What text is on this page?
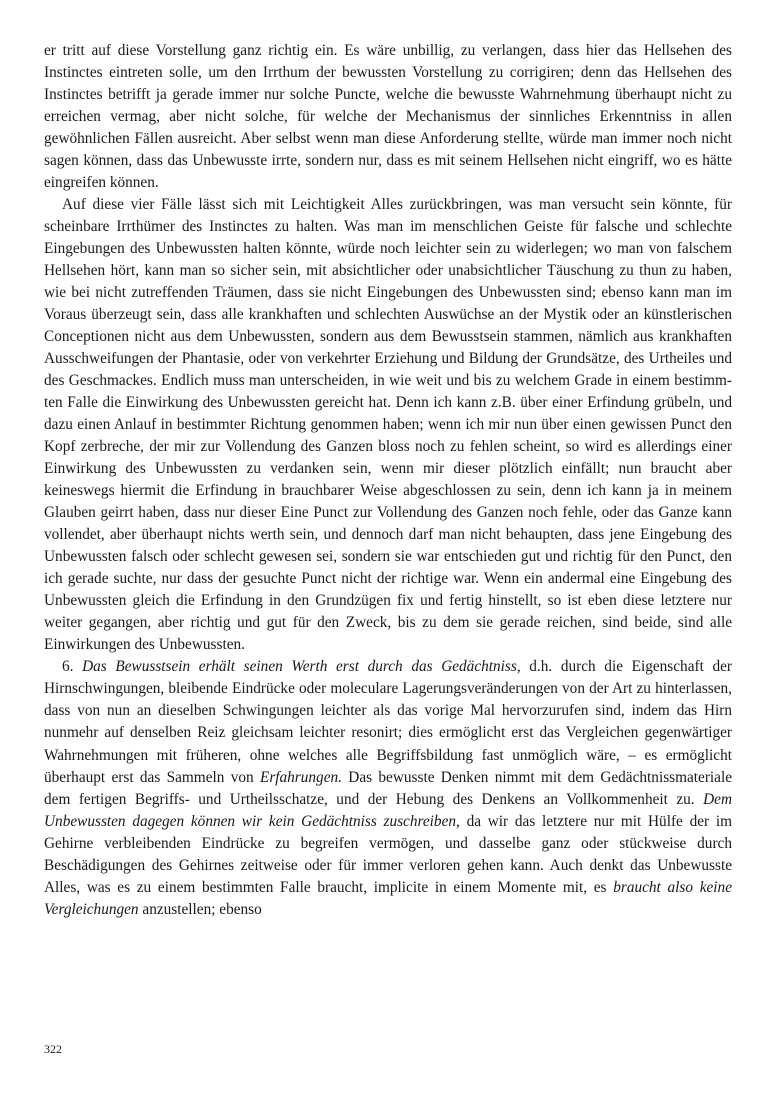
er tritt auf diese Vorstellung ganz richtig ein. Es wäre unbillig, zu verlangen, dass hier das Hellsehen des Instinctes eintreten solle, um den Irrthum der bewussten Vorstellung zu corrigiren; denn das Hellsehen des Instinctes betrifft ja gerade immer nur solche Puncte, welche die bewusste Wahrnehmung überhaupt nicht zu erreichen vermag, aber nicht solche, für welche der Mechanismus der sinnliches Erkenntniss in allen gewöhnlichen Fällen ausreicht. Aber selbst wenn man diese Anforderung stellte, würde man immer noch nicht sagen können, dass das Unbewusste irrte, sondern nur, dass es mit seinem Hellsehen nicht eingriff, wo es hätte eingreifen können.

Auf diese vier Fälle lässt sich mit Leichtigkeit Alles zurückbringen, was man versucht sein könnte, für scheinbare Irrthümer des Instinctes zu halten. Was man im menschlichen Geiste für falsche und schlechte Eingebungen des Unbewussten halten könnte, würde noch leichter sein zu widerlegen; wo man von falschem Hellsehen hört, kann man so sicher sein, mit absichtlicher oder unabsichtlicher Täuschung zu thun zu haben, wie bei nicht zutreffenden Träumen, dass sie nicht Eingebungen des Unbewussten sind; ebenso kann man im Voraus überzeugt sein, dass alle krankhaften und schlechten Auswüchse an der Mystik oder an künstlerischen Conceptionen nicht aus dem Unbewussten, sondern aus dem Bewusstsein stammen, nämlich aus krankhaften Ausschweifungen der Phantasie, oder von verkehrter Erziehung und Bildung der Grundsätze, des Urtheiles und des Geschmackes. Endlich muss man unterscheiden, in wie weit und bis zu welchem Grade in einem bestimmten Falle die Einwirkung des Unbewussten gereicht hat. Denn ich kann z.B. über einer Erfindung grübeln, und dazu einen Anlauf in bestimmter Richtung genommen haben; wenn ich mir nun über einen gewissen Punct den Kopf zerbreche, der mir zur Vollendung des Ganzen bloss noch zu fehlen scheint, so wird es allerdings einer Einwirkung des Unbewussten zu verdanken sein, wenn mir dieser plötzlich einfällt; nun braucht aber keineswegs hiermit die Erfindung in brauchbarer Weise abgeschlossen zu sein, denn ich kann ja in meinem Glauben geirrt haben, dass nur dieser Eine Punct zur Vollendung des Ganzen noch fehle, oder das Ganze kann vollendet, aber überhaupt nichts werth sein, und dennoch darf man nicht behaupten, dass jene Eingebung des Unbewussten falsch oder schlecht gewesen sei, sondern sie war entschieden gut und richtig für den Punct, den ich gerade suchte, nur dass der gesuchte Punct nicht der richtige war. Wenn ein andermal eine Eingebung des Unbewussten gleich die Erfindung in den Grundzügen fix und fertig hinstellt, so ist eben diese letztere nur weiter gegangen, aber richtig und gut für den Zweck, bis zu dem sie gerade reichen, sind beide, sind alle Einwirkungen des Unbewussten.

6. Das Bewusstsein erhält seinen Werth erst durch das Gedächtniss, d.h. durch die Eigenschaft der Hirnschwingungen, bleibende Eindrücke oder moleculare Lagerungsveränderungen von der Art zu hinterlassen, dass von nun an dieselben Schwingungen leichter als das vorige Mal hervorzurufen sind, indem das Hirn nunmehr auf denselben Reiz gleichsam leichter resonirt; dies ermöglicht erst das Vergleichen gegenwärtiger Wahrnehmungen mit früheren, ohne welches alle Begriffsbildung fast unmöglich wäre, – es ermöglicht überhaupt erst das Sammeln von Erfahrungen. Das bewusste Denken nimmt mit dem Gedächtnissmateriale dem fertigen Begriffs- und Urtheilsschatze, und der Hebung des Denkens an Vollkommenheit zu. Dem Unbewussten dagegen können wir kein Gedächtniss zuschreiben, da wir das letztere nur mit Hülfe der im Gehirne verbleibenden Eindrücke zu begreifen vermögen, und dasselbe ganz oder stückweise durch Beschädigungen des Gehirnes zeitweise oder für immer verloren gehen kann. Auch denkt das Unbewusste Alles, was es zu einem bestimmten Falle braucht, implicite in einem Momente mit, es braucht also keine Vergleichungen anzustellen; ebenso

322
